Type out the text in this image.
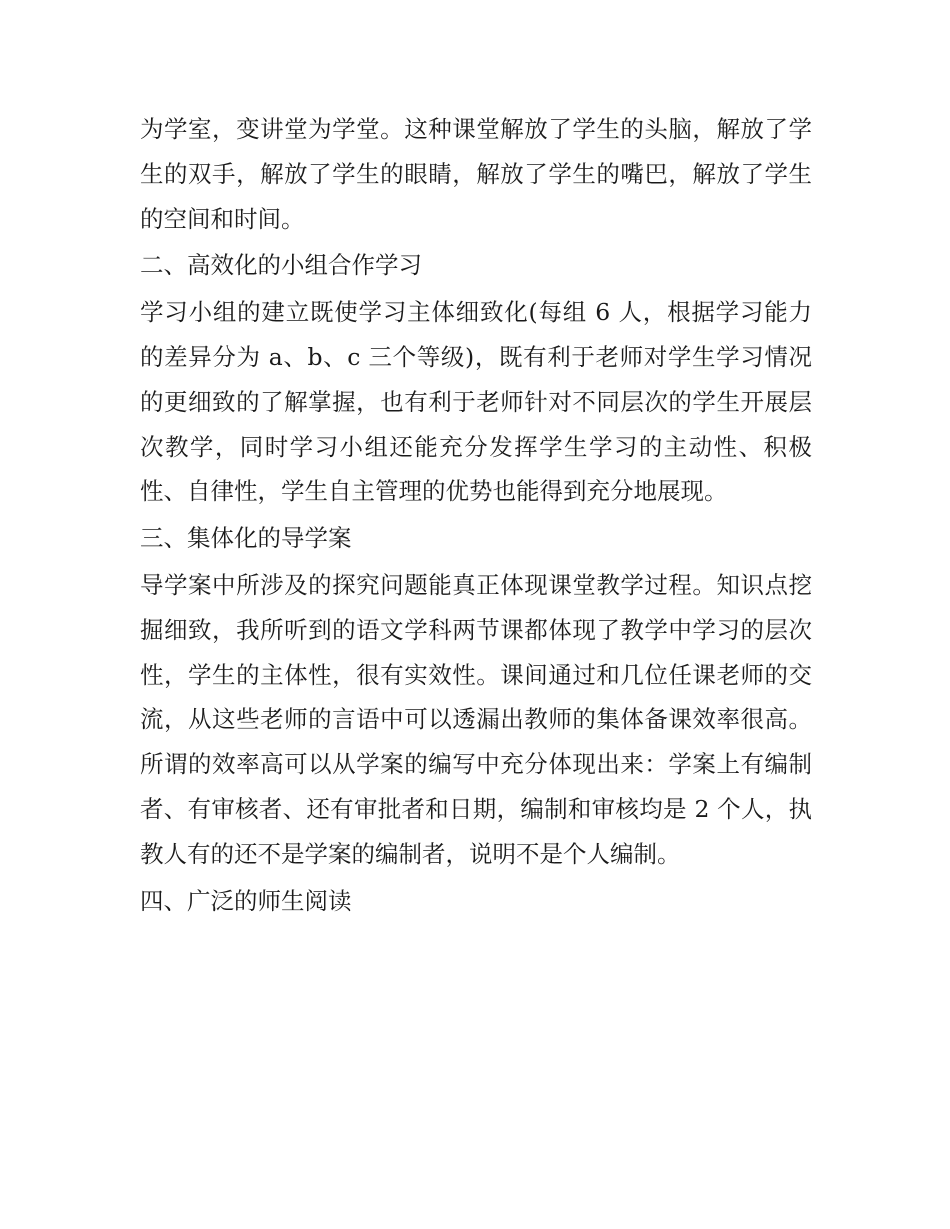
为学室，变讲堂为学堂。这种课堂解放了学生的头脑，解放了学生的双手，解放了学生的眼睛，解放了学生的嘴巴，解放了学生的空间和时间。

二、高效化的小组合作学习

学习小组的建立既使学习主体细致化(每组 6 人，根据学习能力的差异分为 a、b、c 三个等级)，既有利于老师对学生学习情况的更细致的了解掌握，也有利于老师针对不同层次的学生开展层次教学，同时学习小组还能充分发挥学生学习的主动性、积极性、自律性，学生自主管理的优势也能得到充分地展现。

三、集体化的导学案

导学案中所涉及的探究问题能真正体现课堂教学过程。知识点挖掘细致，我所听到的语文学科两节课都体现了教学中学习的层次性，学生的主体性，很有实效性。课间通过和几位任课老师的交流，从这些老师的言语中可以透漏出教师的集体备课效率很高。所谓的效率高可以从学案的编写中充分体现出来：学案上有编制者、有审核者、还有审批者和日期，编制和审核均是 2 个人，执教人有的还不是学案的编制者，说明不是个人编制。

四、广泛的师生阅读
